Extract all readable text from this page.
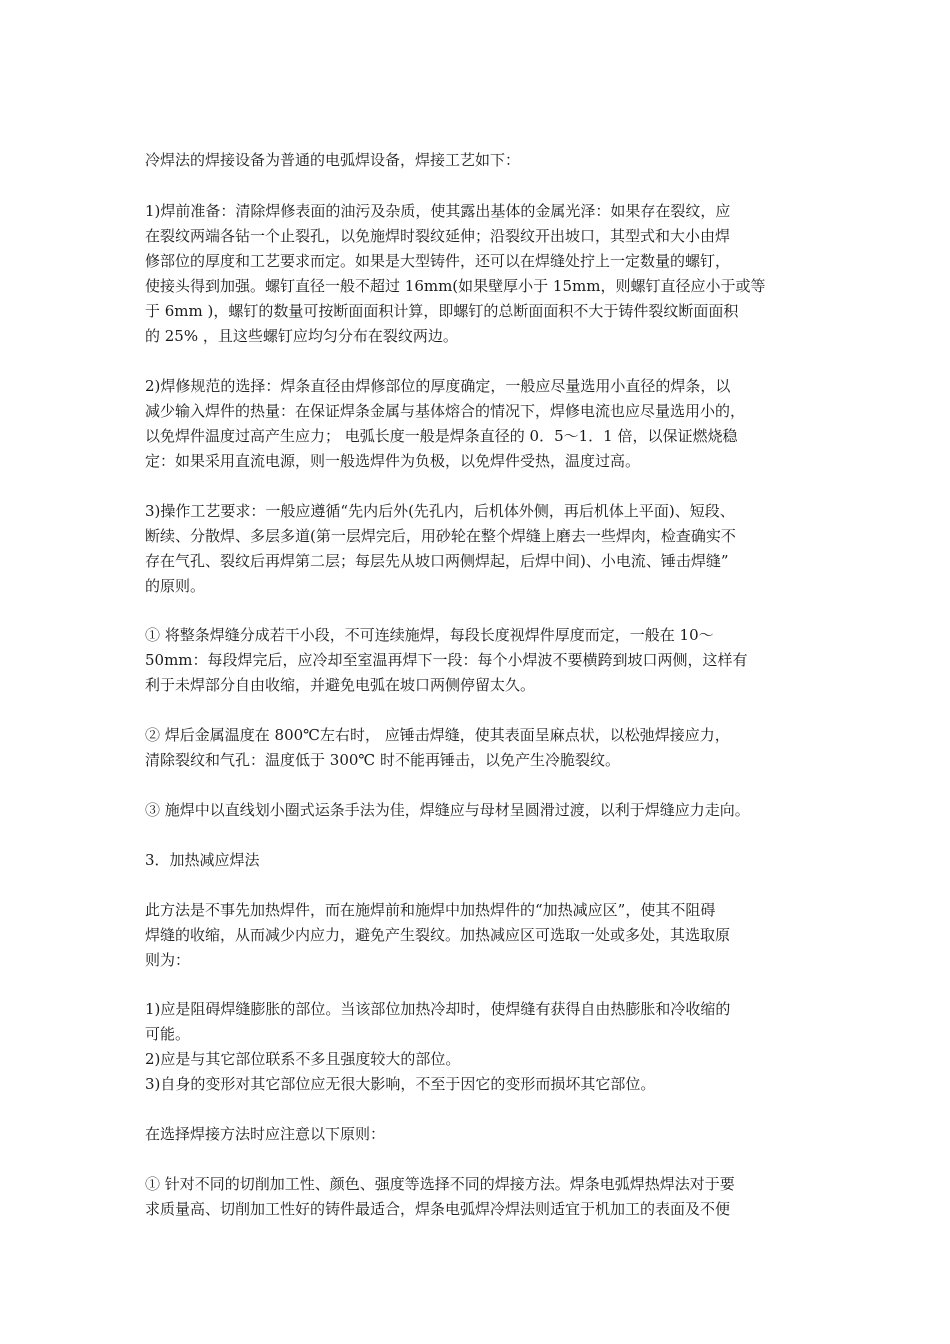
冷焊法的焊接设备为普通的电弧焊设备，焊接工艺如下：

1)焊前准备：清除焊修表面的油污及杂质，使其露出基体的金属光泽：如果存在裂纹，应
在裂纹两端各钻一个止裂孔，以免施焊时裂纹延伸；沿裂纹开出坡口，其型式和大小由焊
修部位的厚度和工艺要求而定。如果是大型铸件，还可以在焊缝处拧上一定数量的螺钉，
使接头得到加强。螺钉直径一般不超过 16mm(如果壁厚小于 15mm，则螺钉直径应小于或等
于 6mm )，螺钉的数量可按断面面积计算，即螺钉的总断面面积不大于铸件裂纹断面面积
的 25% ，且这些螺钉应均匀分布在裂纹两边。

2)焊修规范的选择：焊条直径由焊修部位的厚度确定，一般应尽量选用小直径的焊条，以
减少输入焊件的热量：在保证焊条金属与基体熔合的情况下，焊修电流也应尽量选用小的，
以免焊件温度过高产生应力； 电弧长度一般是焊条直径的 0．5～1．1 倍，以保证燃烧稳
定：如果采用直流电源，则一般选焊件为负极，以免焊件受热，温度过高。

3)操作工艺要求：一般应遵循“先内后外(先孔内，后机体外侧，再后机体上平面)、短段、
断续、分散焊、多层多道(第一层焊完后，用砂轮在整个焊缝上磨去一些焊肉，检查确实不
存在气孔、裂纹后再焊第二层；每层先从坡口两侧焊起，后焊中间)、小电流、锤击焊缝”
的原则。

① 将整条焊缝分成若干小段，不可连续施焊，每段长度视焊件厚度而定，一般在 10～
50mm：每段焊完后，应冷却至室温再焊下一段：每个小焊波不要横跨到坡口两侧，这样有
利于未焊部分自由收缩，并避免电弧在坡口两侧停留太久。

② 焊后金属温度在 800℃左右时， 应锤击焊缝，使其表面呈麻点状，以松弛焊接应力，
清除裂纹和气孔：温度低于 300℃ 时不能再锤击，以免产生冷脆裂纹。

③ 施焊中以直线划小圈式运条手法为佳，焊缝应与母材呈圆滑过渡，以利于焊缝应力走向。

3．加热减应焊法

此方法是不事先加热焊件，而在施焊前和施焊中加热焊件的“加热减应区”，使其不阻碍
焊缝的收缩，从而减少内应力，避免产生裂纹。加热减应区可选取一处或多处，其选取原
则为：

1)应是阻碍焊缝膨胀的部位。当该部位加热冷却时，使焊缝有获得自由热膨胀和冷收缩的
可能。
2)应是与其它部位联系不多且强度较大的部位。
3)自身的变形对其它部位应无很大影响，不至于因它的变形而损坏其它部位。

在选择焊接方法时应注意以下原则：

① 针对不同的切削加工性、颜色、强度等选择不同的焊接方法。焊条电弧焊热焊法对于要
求质量高、切削加工性好的铸件最适合，焊条电弧焊冷焊法则适宜于机加工的表面及不便
